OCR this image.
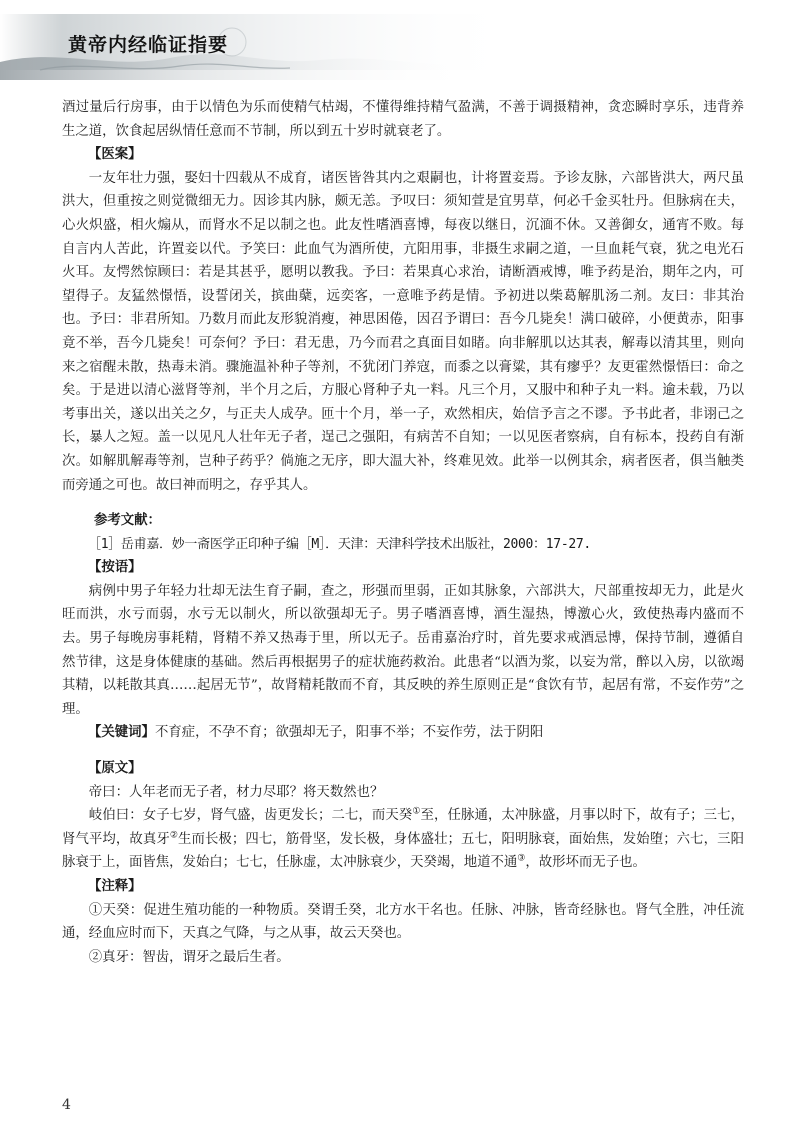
黄帝内经临证指要

酒过量后行房事，由于以情色为乐而使精气枯竭，不懂得维持精气盈满，不善于调摄精神，贪恋瞬时享乐，违背养生之道，饮食起居纵情任意而不节制，所以到五十岁时就衰老了。

【医案】

一友年壮力强，娶妇十四载从不成育，诸医皆咎其内之艰嗣也，计将置妾焉。予诊友脉，六部皆洪大，两尺虽洪大，但重按之则觉微细无力。因诊其内脉，颇无恙。予叹曰：须知萱是宜男草，何必千金买牡丹。但脉病在夫，心火炽盛，相火煽从，而肾水不足以制之也。此友性嗜酒喜博，每夜以继日，沉湎不休。又善御女，通宵不败。每自言内人苦此，许置妾以代。予笑曰：此血气为酒所使，亢阳用事，非摄生求嗣之道，一旦血耗气衰，犹之电光石火耳。友愕然惊顾曰：若是其甚乎，愿明以教我。予曰：若果真心求治，请断酒戒博，唯予药是治，期年之内，可望得子。友猛然憬悟，设誓闭关，摈曲蘖，远奕客，一意唯予药是情。予初进以柴葛解肌汤二剂。友曰：非其治也。予曰：非君所知。乃数月而此友形貌消瘦，神思困倦，因召予谓曰：吾今几毙矣！满口破碎，小便黄赤，阳事竟不举，吾今几毙矣！可奈何？予曰：君无患，乃今而君之真面目如睹。向非解肌以达其表，解毒以清其里，则向来之宿醒未散，热毒未消。骤施温补种子等剂，不犹闭门养寇，而黍之以膏粱，其有瘳乎？友更霍然憬悟曰：命之矣。于是进以清心滋肾等剂，半个月之后，方服心肾种子丸一料。凡三个月，又服中和种子丸一料。逾未载，乃以考事出关，遂以出关之夕，与正夫人成孕。匝十个月，举一子，欢然相庆，始信予言之不谬。予书此者，非诩己之长，暴人之短。盖一以见凡人壮年无子者，逞己之强阳，有病苦不自知；一以见医者察病，自有标本，投药自有渐次。如解肌解毒等剂，岂种子药乎？倘施之无序，即大温大补，终难见效。此举一以例其余，病者医者，俱当触类而旁通之可也。故曰神而明之，存乎其人。

参考文献：

［1］岳甫嘉．妙一斋医学正印种子编［M］．天津：天津科学技术出版社，2000：17-27.

【按语】

病例中男子年轻力壮却无法生育子嗣，查之，形强而里弱，正如其脉象，六部洪大，尺部重按却无力，此是火旺而洪，水亏而弱，水亏无以制火，所以欲强却无子。男子嗜酒喜博，酒生湿热，博激心火，致使热毒内盛而不去。男子每晚房事耗精，肾精不养又热毒于里，所以无子。岳甫嘉治疗时，首先要求戒酒忌博，保持节制，遵循自然节律，这是身体健康的基础。然后再根据男子的症状施药救治。此患者“以酒为浆，以妄为常，醉以入房，以欲竭其精，以耗散其真……起居无节”，故肾精耗散而不育，其反映的养生原则正是“食饮有节，起居有常，不妄作劳”之理。

【关键词】不育症，不孕不育；欲强却无子，阳事不举；不妄作劳，法于阴阳

【原文】

帝曰：人年老而无子者，材力尽耶？将天数然也？

岐伯曰：女子七岁，肾气盛，齿更发长；二七，而天癸①至，任脉通，太冲脉盛，月事以时下，故有子；三七，肾气平均，故真牙②生而长极；四七，筋骨坚，发长极，身体盛壮；五七，阳明脉衰，面始焦，发始堕；六七，三阳脉衰于上，面皆焦，发始白；七七，任脉虚，太冲脉衰少，天癸竭，地道不通③，故形坏而无子也。

【注释】

①天癸：促进生殖功能的一种物质。癸谓壬癸，北方水干名也。任脉、冲脉，皆奇经脉也。肾气全胜，冲任流通，经血应时而下，天真之气降，与之从事，故云天癸也。

②真牙：智齿，谓牙之最后生者。

4
